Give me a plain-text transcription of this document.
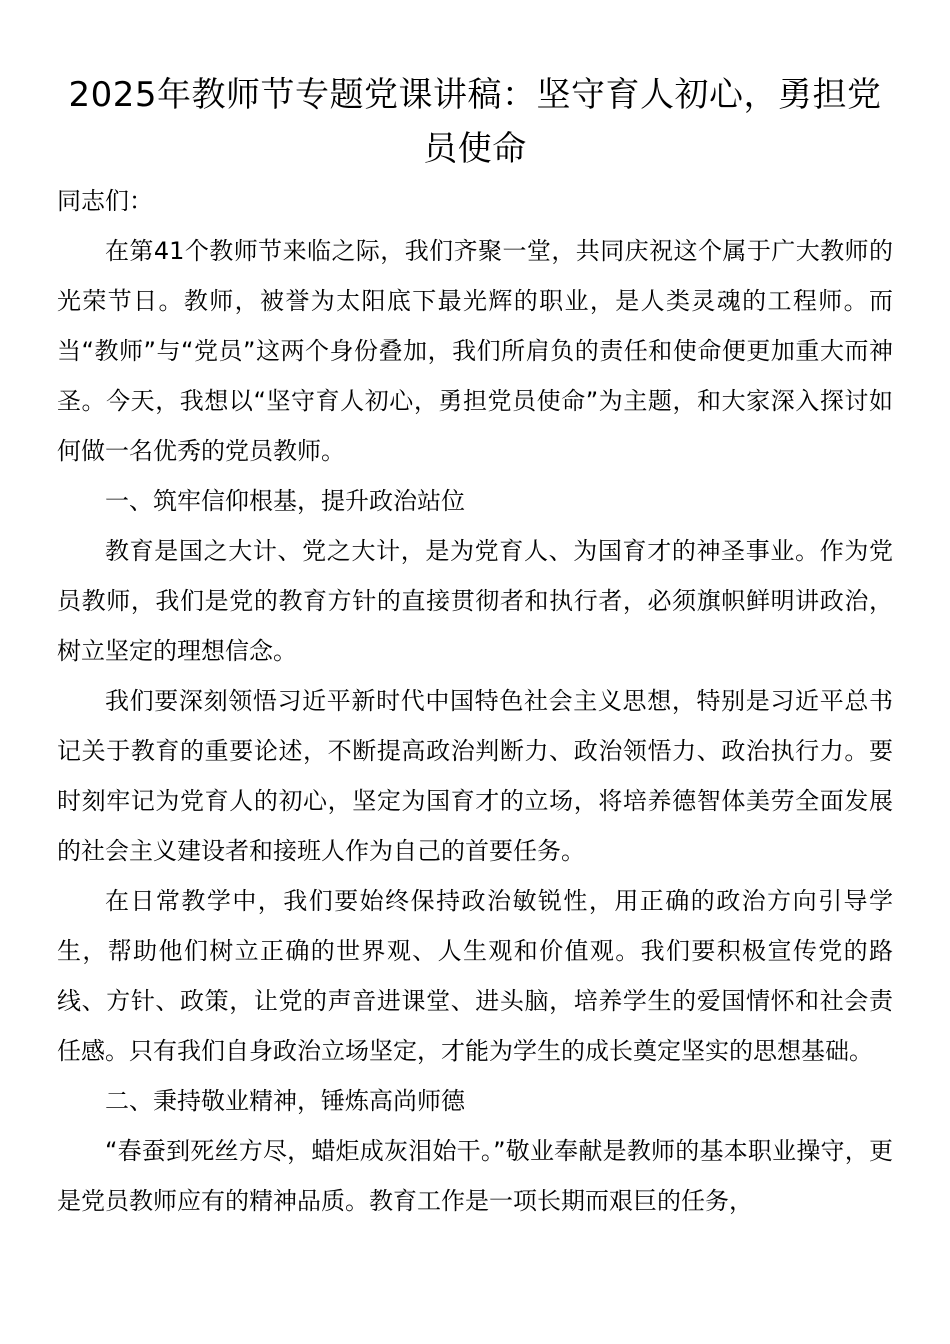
2025年教师节专题党课讲稿：坚守育人初心，勇担党员使命

同志们：

在第41个教师节来临之际，我们齐聚一堂，共同庆祝这个属于广大教师的光荣节日。教师，被誉为太阳底下最光辉的职业，是人类灵魂的工程师。而当“教师”与“党员”这两个身份叠加，我们所肩负的责任和使命便更加重大而神圣。今天，我想以“坚守育人初心，勇担党员使命”为主题，和大家深入探讨如何做一名优秀的党员教师。

一、筑牢信仰根基，提升政治站位

教育是国之大计、党之大计，是为党育人、为国育才的神圣事业。作为党员教师，我们是党的教育方针的直接贯彻者和执行者，必须旗帜鲜明讲政治，树立坚定的理想信念。

我们要深刻领悟习近平新时代中国特色社会主义思想，特别是习近平总书记关于教育的重要论述，不断提高政治判断力、政治领悟力、政治执行力。要时刻牢记为党育人的初心，坚定为国育才的立场，将培养德智体美劳全面发展的社会主义建设者和接班人作为自己的首要任务。

在日常教学中，我们要始终保持政治敏锐性，用正确的政治方向引导学生，帮助他们树立正确的世界观、人生观和价值观。我们要积极宣传党的路线、方针、政策，让党的声音进课堂、进头脑，培养学生的爱国情怀和社会责任感。只有我们自身政治立场坚定，才能为学生的成长奠定坚实的思想基础。

二、秉持敬业精神，锤炼高尚师德

“春蚕到死丝方尽，蜡炬成灰泪始干。”敬业奉献是教师的基本职业操守，更是党员教师应有的精神品质。教育工作是一项长期而艰巨的任务，
